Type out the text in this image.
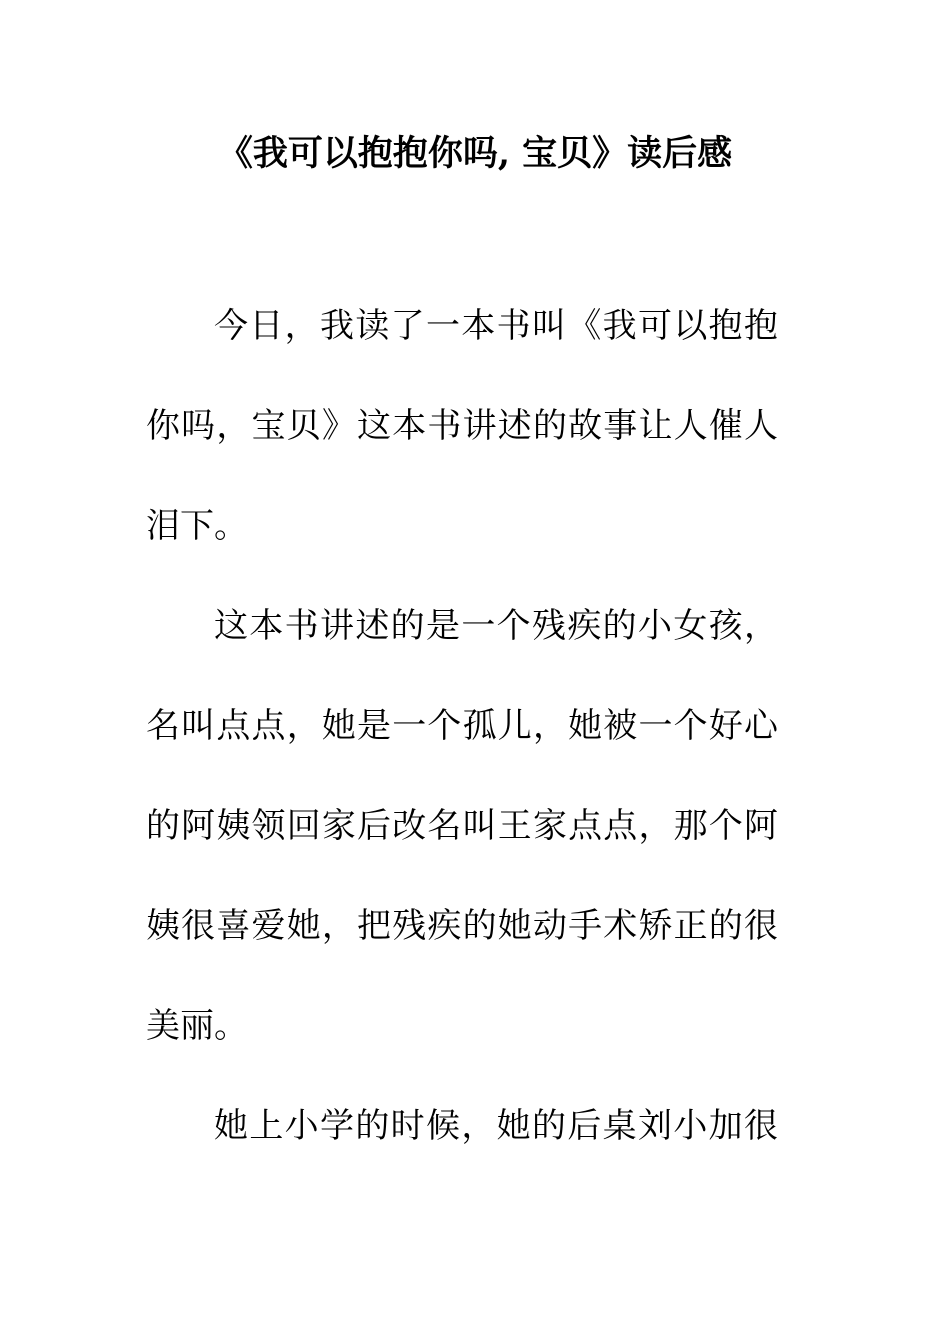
《我可以抱抱你吗, 宝贝》读后感
今日，我读了一本书叫《我可以抱抱
你吗，宝贝》这本书讲述的故事让人催人
泪下。
这本书讲述的是一个残疾的小女孩，
名叫点点，她是一个孤儿，她被一个好心
的阿姨领回家后改名叫王家点点，那个阿
姨很喜爱她，把残疾的她动手术矫正的很
美丽。
她上小学的时候，她的后桌刘小加很
